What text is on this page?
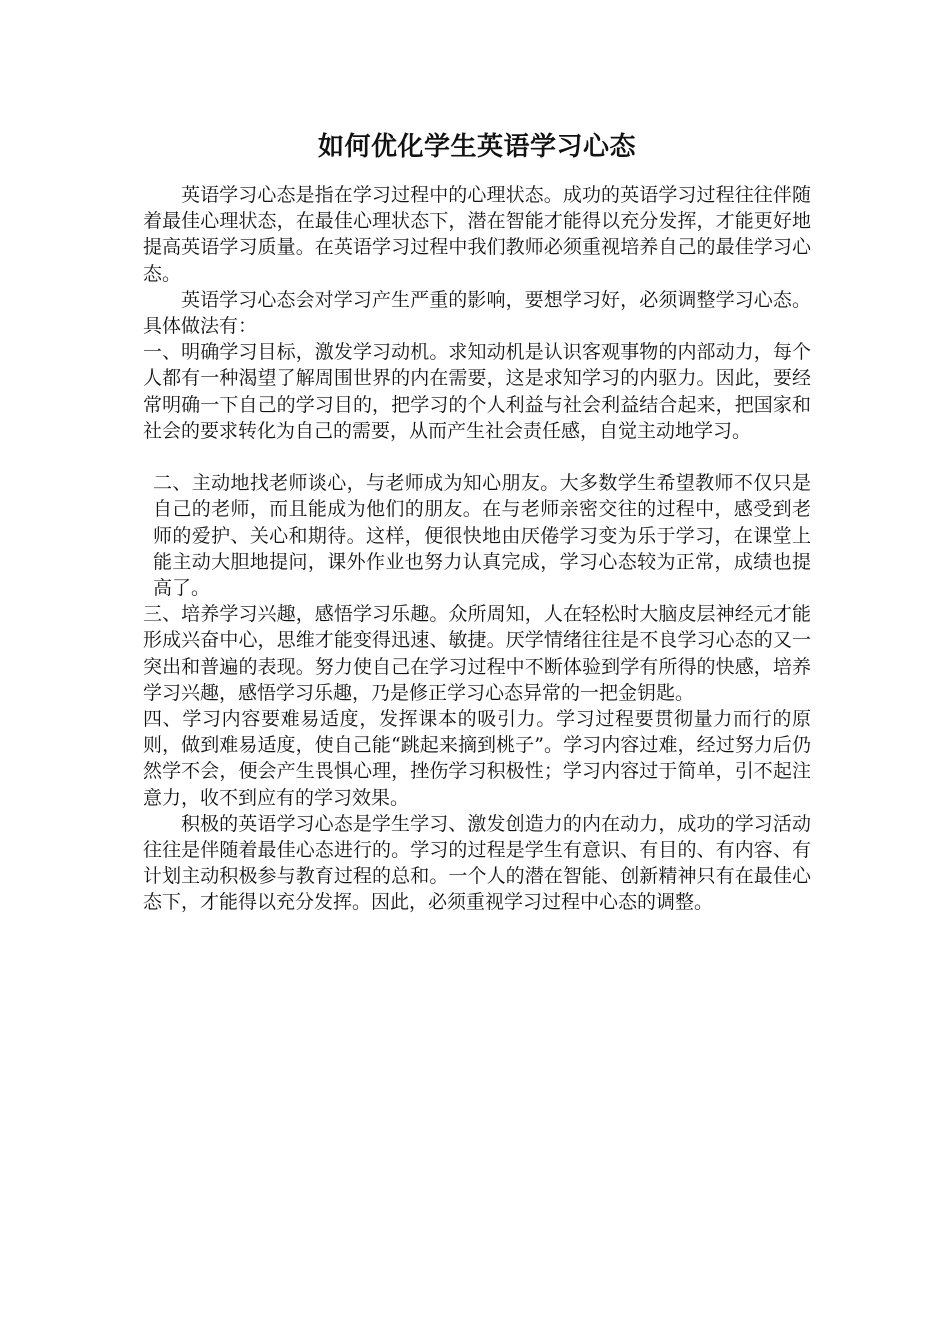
如何优化学生英语学习心态

英语学习心态是指在学习过程中的心理状态。成功的英语学习过程往往伴随着最佳心理状态，在最佳心理状态下，潜在智能才能得以充分发挥，才能更好地提高英语学习质量。在英语学习过程中我们教师必须重视培养自己的最佳学习心态。

英语学习心态会对学习产生严重的影响，要想学习好，必须调整学习心态。具体做法有：

一、明确学习目标，激发学习动机。求知动机是认识客观事物的内部动力，每个人都有一种渴望了解周围世界的内在需要，这是求知学习的内驱力。因此，要经常明确一下自己的学习目的，把学习的个人利益与社会利益结合起来，把国家和社会的要求转化为自己的需要，从而产生社会责任感，自觉主动地学习。

二、主动地找老师谈心，与老师成为知心朋友。大多数学生希望教师不仅只是自己的老师，而且能成为他们的朋友。在与老师亲密交往的过程中，感受到老师的爱护、关心和期待。这样，便很快地由厌倦学习变为乐于学习，在课堂上能主动大胆地提问，课外作业也努力认真完成，学习心态较为正常，成绩也提高了。

三、培养学习兴趣，感悟学习乐趣。众所周知，人在轻松时大脑皮层神经元才能形成兴奋中心，思维才能变得迅速、敏捷。厌学情绪往往是不良学习心态的又一突出和普遍的表现。努力使自己在学习过程中不断体验到学有所得的快感，培养学习兴趣，感悟学习乐趣，乃是修正学习心态异常的一把金钥匙。

四、学习内容要难易适度，发挥课本的吸引力。学习过程要贯彻量力而行的原则，做到难易适度，使自己能“跳起来摘到桃子”。学习内容过难，经过努力后仍然学不会，便会产生畏惧心理，挫伤学习积极性；学习内容过于简单，引不起注意力，收不到应有的学习效果。

积极的英语学习心态是学生学习、激发创造力的内在动力，成功的学习活动往往是伴随着最佳心态进行的。学习的过程是学生有意识、有目的、有内容、有计划主动积极参与教育过程的总和。一个人的潜在智能、创新精神只有在最佳心态下，才能得以充分发挥。因此，必须重视学习过程中心态的调整。
